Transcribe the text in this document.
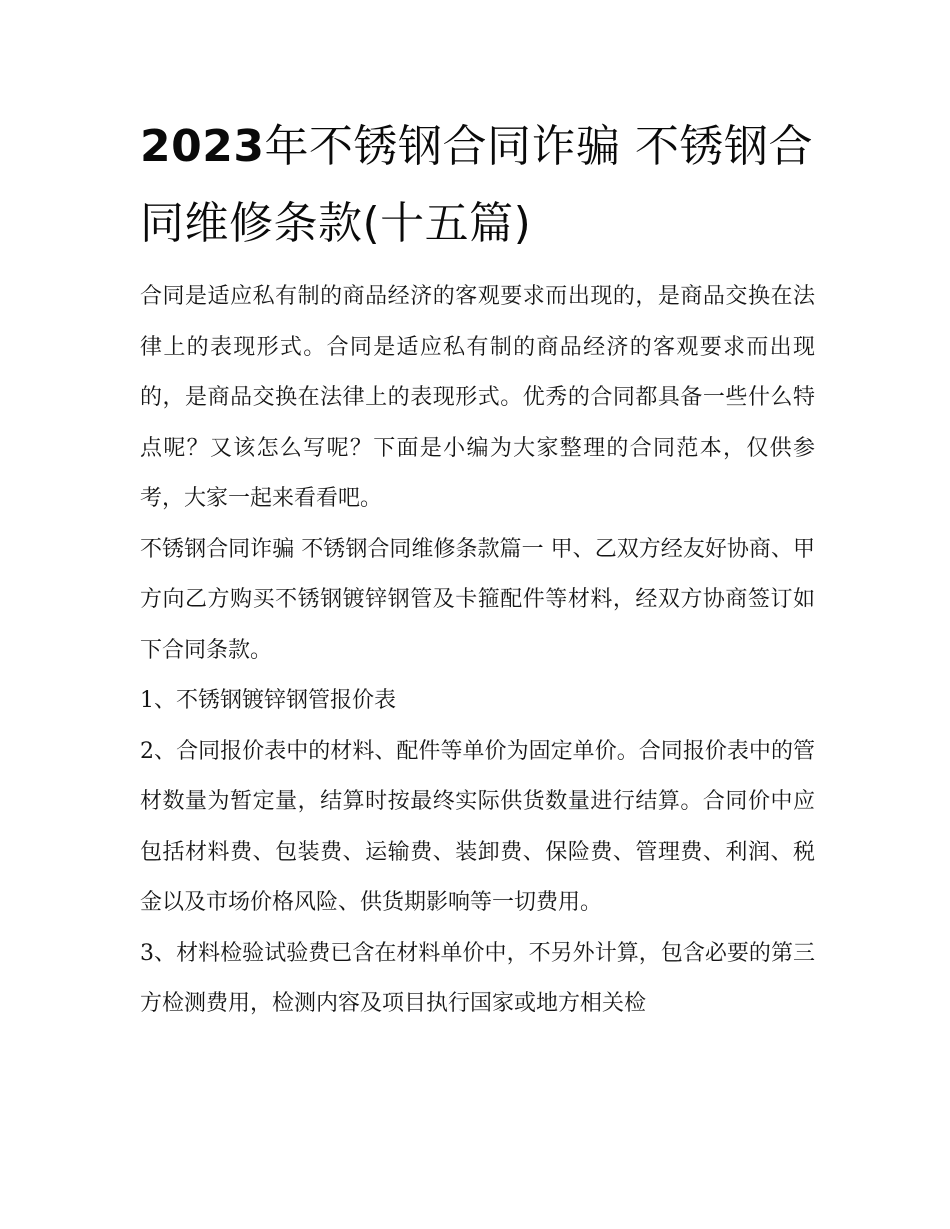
2023年不锈钢合同诈骗 不锈钢合同维修条款(十五篇)

合同是适应私有制的商品经济的客观要求而出现的，是商品交换在法律上的表现形式。合同是适应私有制的商品经济的客观要求而出现的，是商品交换在法律上的表现形式。优秀的合同都具备一些什么特点呢？又该怎么写呢？下面是小编为大家整理的合同范本，仅供参考，大家一起来看看吧。

不锈钢合同诈骗 不锈钢合同维修条款篇一 甲、乙双方经友好协商、甲方向乙方购买不锈钢镀锌钢管及卡箍配件等材料，经双方协商签订如下合同条款。

1、不锈钢镀锌钢管报价表

2、合同报价表中的材料、配件等单价为固定单价。合同报价表中的管材数量为暂定量，结算时按最终实际供货数量进行结算。合同价中应包括材料费、包装费、运输费、装卸费、保险费、管理费、利润、税金以及市场价格风险、供货期影响等一切费用。

3、材料检验试验费已含在材料单价中，不另外计算，包含必要的第三方检测费用，检测内容及项目执行国家或地方相关检
